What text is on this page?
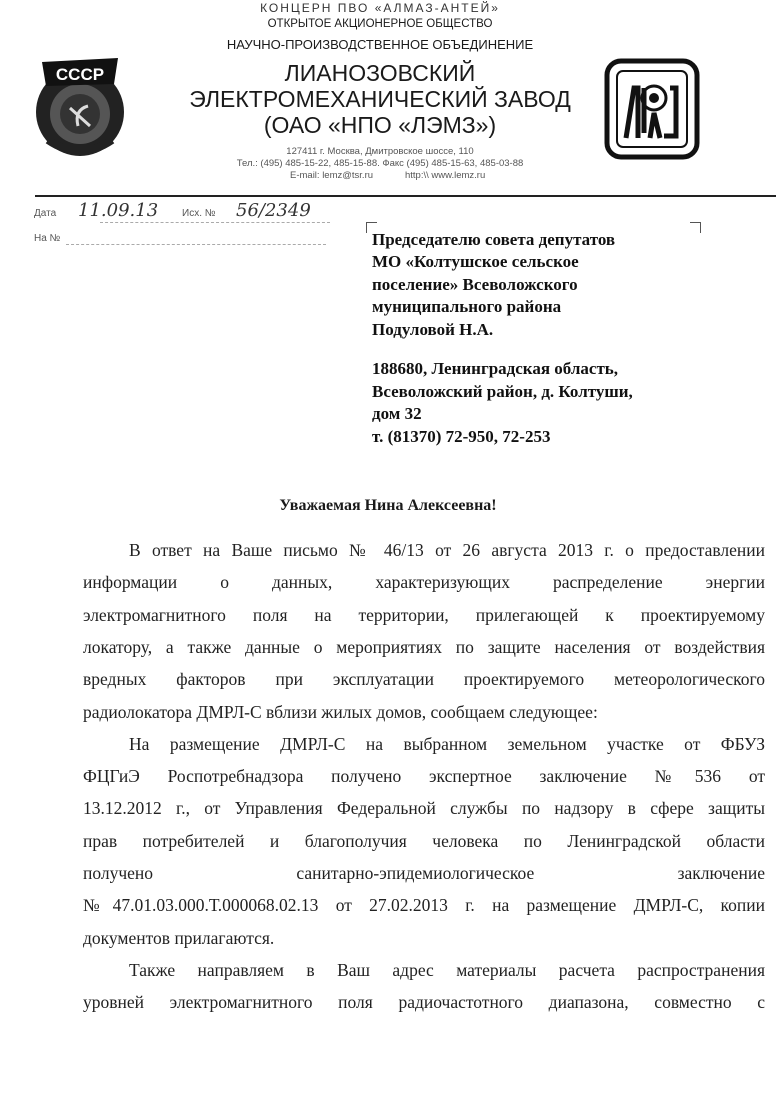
КОНЦЕРН ПВО «АЛМАЗ-АНТЕЙ»
ОТКРЫТОЕ АКЦИОНЕРНОЕ ОБЩЕСТВО
НАУЧНО-ПРОИЗВОДСТВЕННОЕ ОБЪЕДИНЕНИЕ
ЛИАНОЗОВСКИЙ
ЭЛЕКТРОМЕХАНИЧЕСКИЙ ЗАВОД
(ОАО «НПО «ЛЭМЗ»)
127411 г. Москва, Дмитровское шоссе, 110
Тел.: (495) 485-15-22, 485-15-88. Факс (495) 485-15-63, 485-03-88
E-mail: lemz@tsr.ru	http:\\ www.lemz.ru
СССР
Дата 11.09.13 Исх. № 56/2349
На №	Председателю совета депутатов
МО «Колтушское сельское
поселение» Всеволожского
муниципального района
Подуловой Н.А.
188680, Ленинградская область,
Всеволожский район, д. Колтуши,
дом 32
т. (81370) 72-950, 72-253
Уважаемая Нина Алексеевна!
В ответ на Ваше письмо № 46/13 от 26 августа 2013 г. о предоставлении
информации о данных, характеризующих распределение энергии
электромагнитного поля на территории, прилегающей к проектируемому
локатору, а также данные о мероприятиях по защите населения от воздействия
вредных факторов при эксплуатации проектируемого метеорологического
радиолокатора ДМРЛ-С вблизи жилых домов, сообщаем следующее:
На размещение ДМРЛ-С на выбранном земельном участке от ФБУЗ
ФЦГиЭ Роспотребнадзора получено экспертное заключение №536 от
13.12.2012 г., от Управления Федеральной службы по надзору в сфере защиты
прав потребителей и благополучия человека по Ленинградской области
получено санитарно-эпидемиологическое заключение
№47.01.03.000.Т.000068.02.13 от 27.02.2013 г. на размещение ДМРЛ-С, копии
документов прилагаются.
Также направляем в Ваш адрес материалы расчета распространения
уровней электромагнитного поля радиочастотного диапазона, совместно с
